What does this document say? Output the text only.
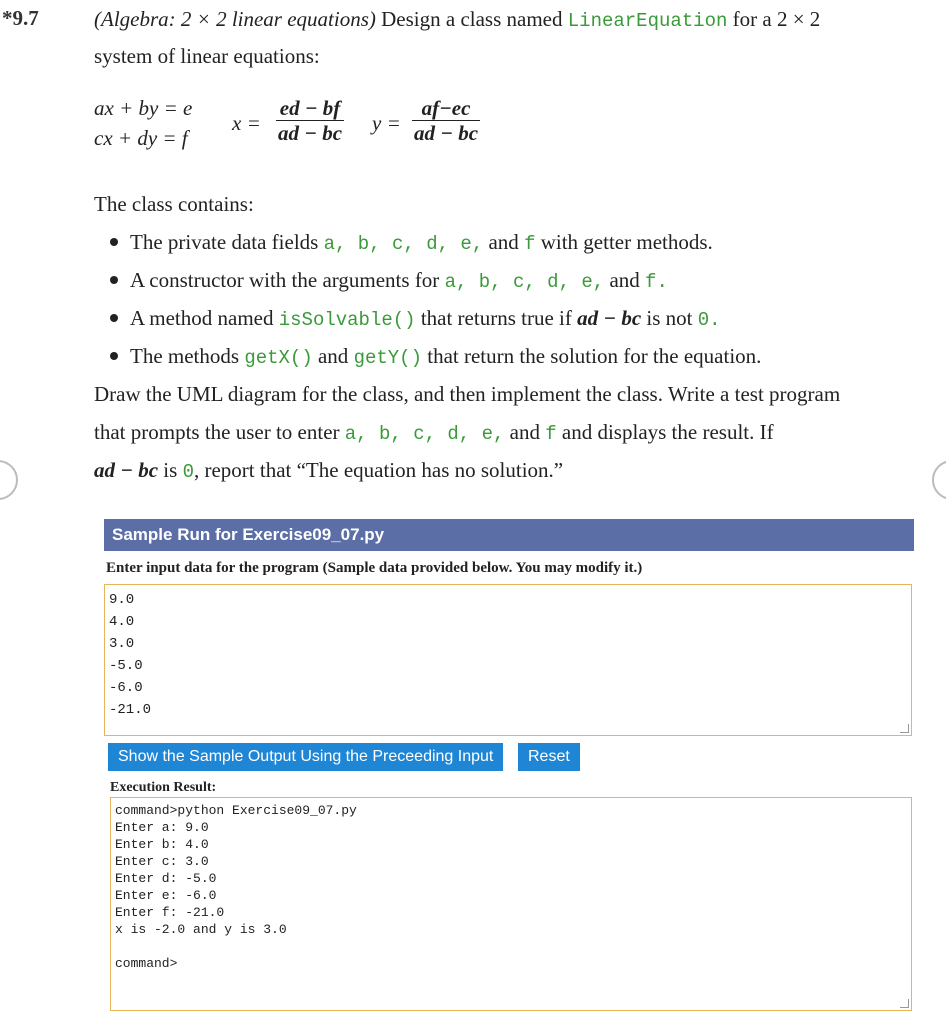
*9.7	(Algebra: 2 × 2 linear equations) Design a class named LinearEquation for a 2 × 2
system of linear equations:
ax + by = e
cx + dy = f
$x = \frac{ed - bf}{ad - bc}$ $y = \frac{af-ec}{ad - bc}$
The class contains:
The private data fields a, b, c, d, e, and f with getter methods.
A constructor with the arguments for a, b, c, d, e, and f.
A method named isSolvable() that returns true if ad − bc is not 0.
The methods getX() and getY() that return the solution for the equation.
Draw the UML diagram for the class, and then implement the class. Write a test program
that prompts the user to enter a, b, c, d, e, and f and displays the result. If
ad − bc is 0, report that “The equation has no solution.”
Sample Run for Exercise09_07.py
Enter input data for the program (Sample data provided below. You may modify it.)
9.0
4.0
3.0
-5.0
-6.0
-21.0
Show the Sample Output Using the Preceeding Input	Reset
Execution Result:
command>python Exercise09_07.py
Enter a: 9.0
Enter b: 4.0
Enter c: 3.0
Enter d: -5.0
Enter e: -6.0
Enter f: -21.0
x is -2.0 and y is 3.0

command>
